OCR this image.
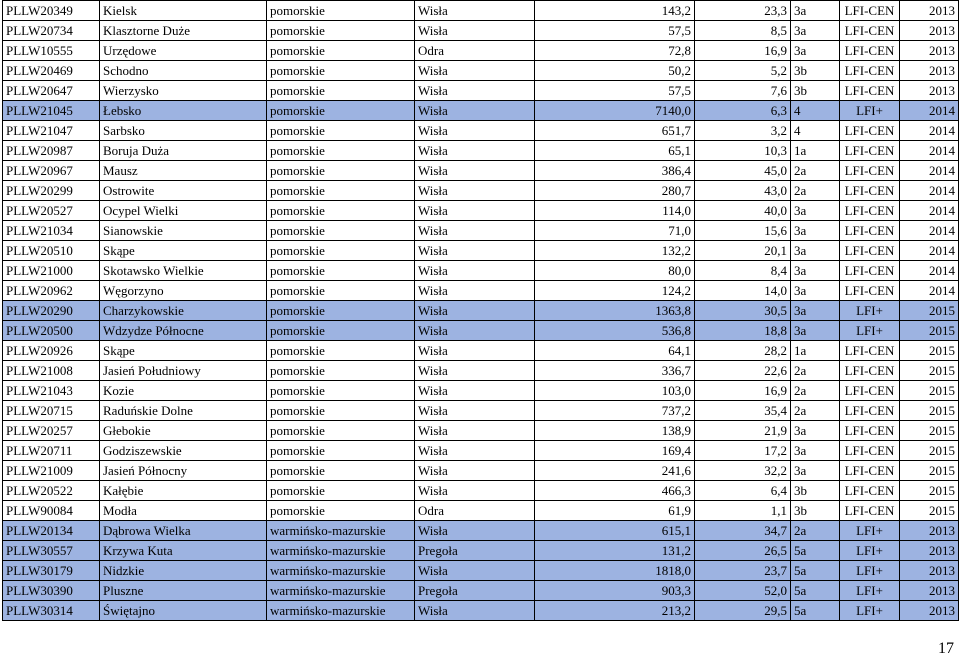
PLLW20349	Kielsk	pomorskie	Wisła	143,2	23,3	3a	LFI-CEN	2013
PLLW20734	Klasztorne Duże	pomorskie	Wisła	57,5	8,5	3a	LFI-CEN	2013
PLLW10555	Urzędowe	pomorskie	Odra	72,8	16,9	3a	LFI-CEN	2013
PLLW20469	Schodno	pomorskie	Wisła	50,2	5,2	3b	LFI-CEN	2013
PLLW20647	Wierzysko	pomorskie	Wisła	57,5	7,6	3b	LFI-CEN	2013
PLLW21045	Łebsko	pomorskie	Wisła	7140,0	6,3	4	LFI+	2014
PLLW21047	Sarbsko	pomorskie	Wisła	651,7	3,2	4	LFI-CEN	2014
PLLW20987	Boruja Duża	pomorskie	Wisła	65,1	10,3	1a	LFI-CEN	2014
PLLW20967	Mausz	pomorskie	Wisła	386,4	45,0	2a	LFI-CEN	2014
PLLW20299	Ostrowite	pomorskie	Wisła	280,7	43,0	2a	LFI-CEN	2014
PLLW20527	Ocypel Wielki	pomorskie	Wisła	114,0	40,0	3a	LFI-CEN	2014
PLLW21034	Sianowskie	pomorskie	Wisła	71,0	15,6	3a	LFI-CEN	2014
PLLW20510	Skąpe	pomorskie	Wisła	132,2	20,1	3a	LFI-CEN	2014
PLLW21000	Skotawsko Wielkie	pomorskie	Wisła	80,0	8,4	3a	LFI-CEN	2014
PLLW20962	Węgorzyno	pomorskie	Wisła	124,2	14,0	3a	LFI-CEN	2014
PLLW20290	Charzykowskie	pomorskie	Wisła	1363,8	30,5	3a	LFI+	2015
PLLW20500	Wdzydze Północne	pomorskie	Wisła	536,8	18,8	3a	LFI+	2015
PLLW20926	Skąpe	pomorskie	Wisła	64,1	28,2	1a	LFI-CEN	2015
PLLW21008	Jasień Południowy	pomorskie	Wisła	336,7	22,6	2a	LFI-CEN	2015
PLLW21043	Kozie	pomorskie	Wisła	103,0	16,9	2a	LFI-CEN	2015
PLLW20715	Raduńskie Dolne	pomorskie	Wisła	737,2	35,4	2a	LFI-CEN	2015
PLLW20257	Głebokie	pomorskie	Wisła	138,9	21,9	3a	LFI-CEN	2015
PLLW20711	Godziszewskie	pomorskie	Wisła	169,4	17,2	3a	LFI-CEN	2015
PLLW21009	Jasień Północny	pomorskie	Wisła	241,6	32,2	3a	LFI-CEN	2015
PLLW20522	Kałębie	pomorskie	Wisła	466,3	6,4	3b	LFI-CEN	2015
PLLW90084	Modła	pomorskie	Odra	61,9	1,1	3b	LFI-CEN	2015
PLLW20134	Dąbrowa Wielka	warmińsko-mazurskie	Wisła	615,1	34,7	2a	LFI+	2013
PLLW30557	Krzywa Kuta	warmińsko-mazurskie	Pregoła	131,2	26,5	5a	LFI+	2013
PLLW30179	Nidzkie	warmińsko-mazurskie	Wisła	1818,0	23,7	5a	LFI+	2013
PLLW30390	Pluszne	warmińsko-mazurskie	Pregoła	903,3	52,0	5a	LFI+	2013
PLLW30314	Świętajno	warmińsko-mazurskie	Wisła	213,2	29,5	5a	LFI+	2013
17
